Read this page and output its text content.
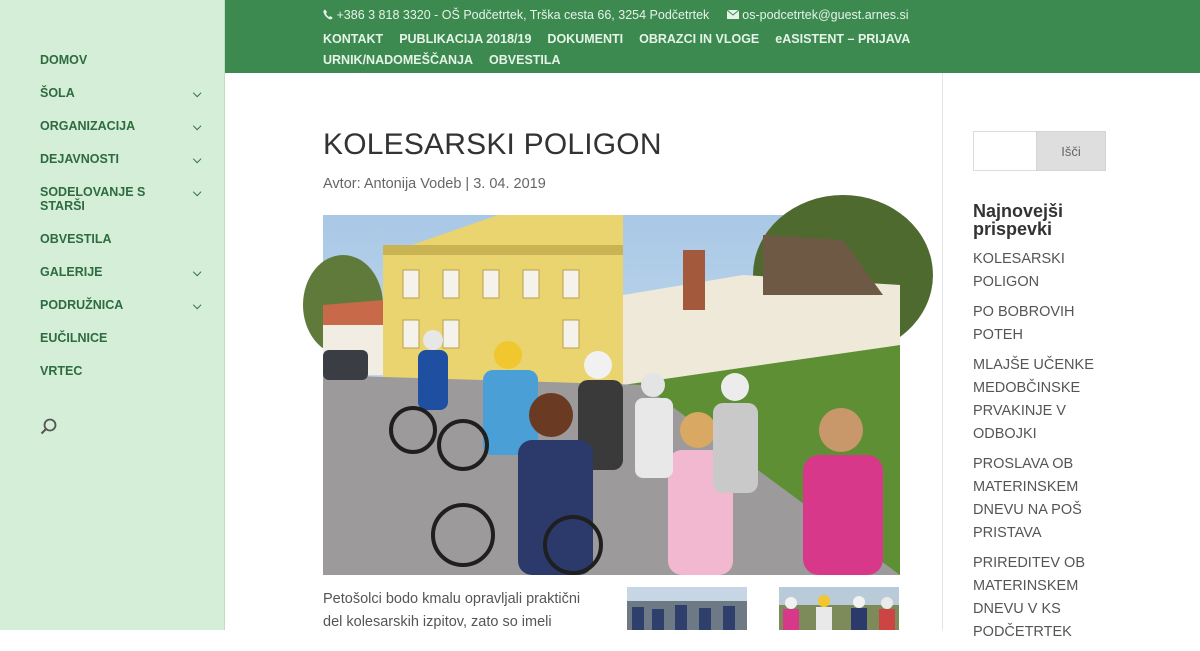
DOMOV
ŠOLA	⌵
ORGANIZACIJA	⌵
DEJAVNOSTI	⌵
SODELOVANJE S STARŠI
⌵
OBVESTILA
GALERIJE	⌵
PODRUŽNICA	⌵
EUČILNICE
VRTEC
+386 3 818 3320 - OŠ Podčetrtek, Trška cesta 66, 3254 Podčetrtek	os-podcetrtek@guest.arnes.si
KONTAKT PUBLIKACIJA 2018/19 DOKUMENTI OBRAZCI IN VLOGE eASISTENT – PRIJAVAURNIK/NADOMEŠČANJA OBVESTILA
KOLESARSKI POLIGON
Avtor: Antonija Vodeb | 3. 04. 2019

Petošolci bodo kmalu opravljali praktični del kolesarskih izpitov, zato so imeli

Išči
Najnovejši prispevki
KOLESARSKI POLIGON
PO BOBROVIH POTEH
MLAJŠE UČENKE MEDOBČINSKE PRVAKINJE V ODBOJKI
PROSLAVA OB MATERINSKEM DNEVU NA POŠ PRISTAVA
PRIREDITEV OB MATERINSKEM DNEVU V KS PODČETRTEK
